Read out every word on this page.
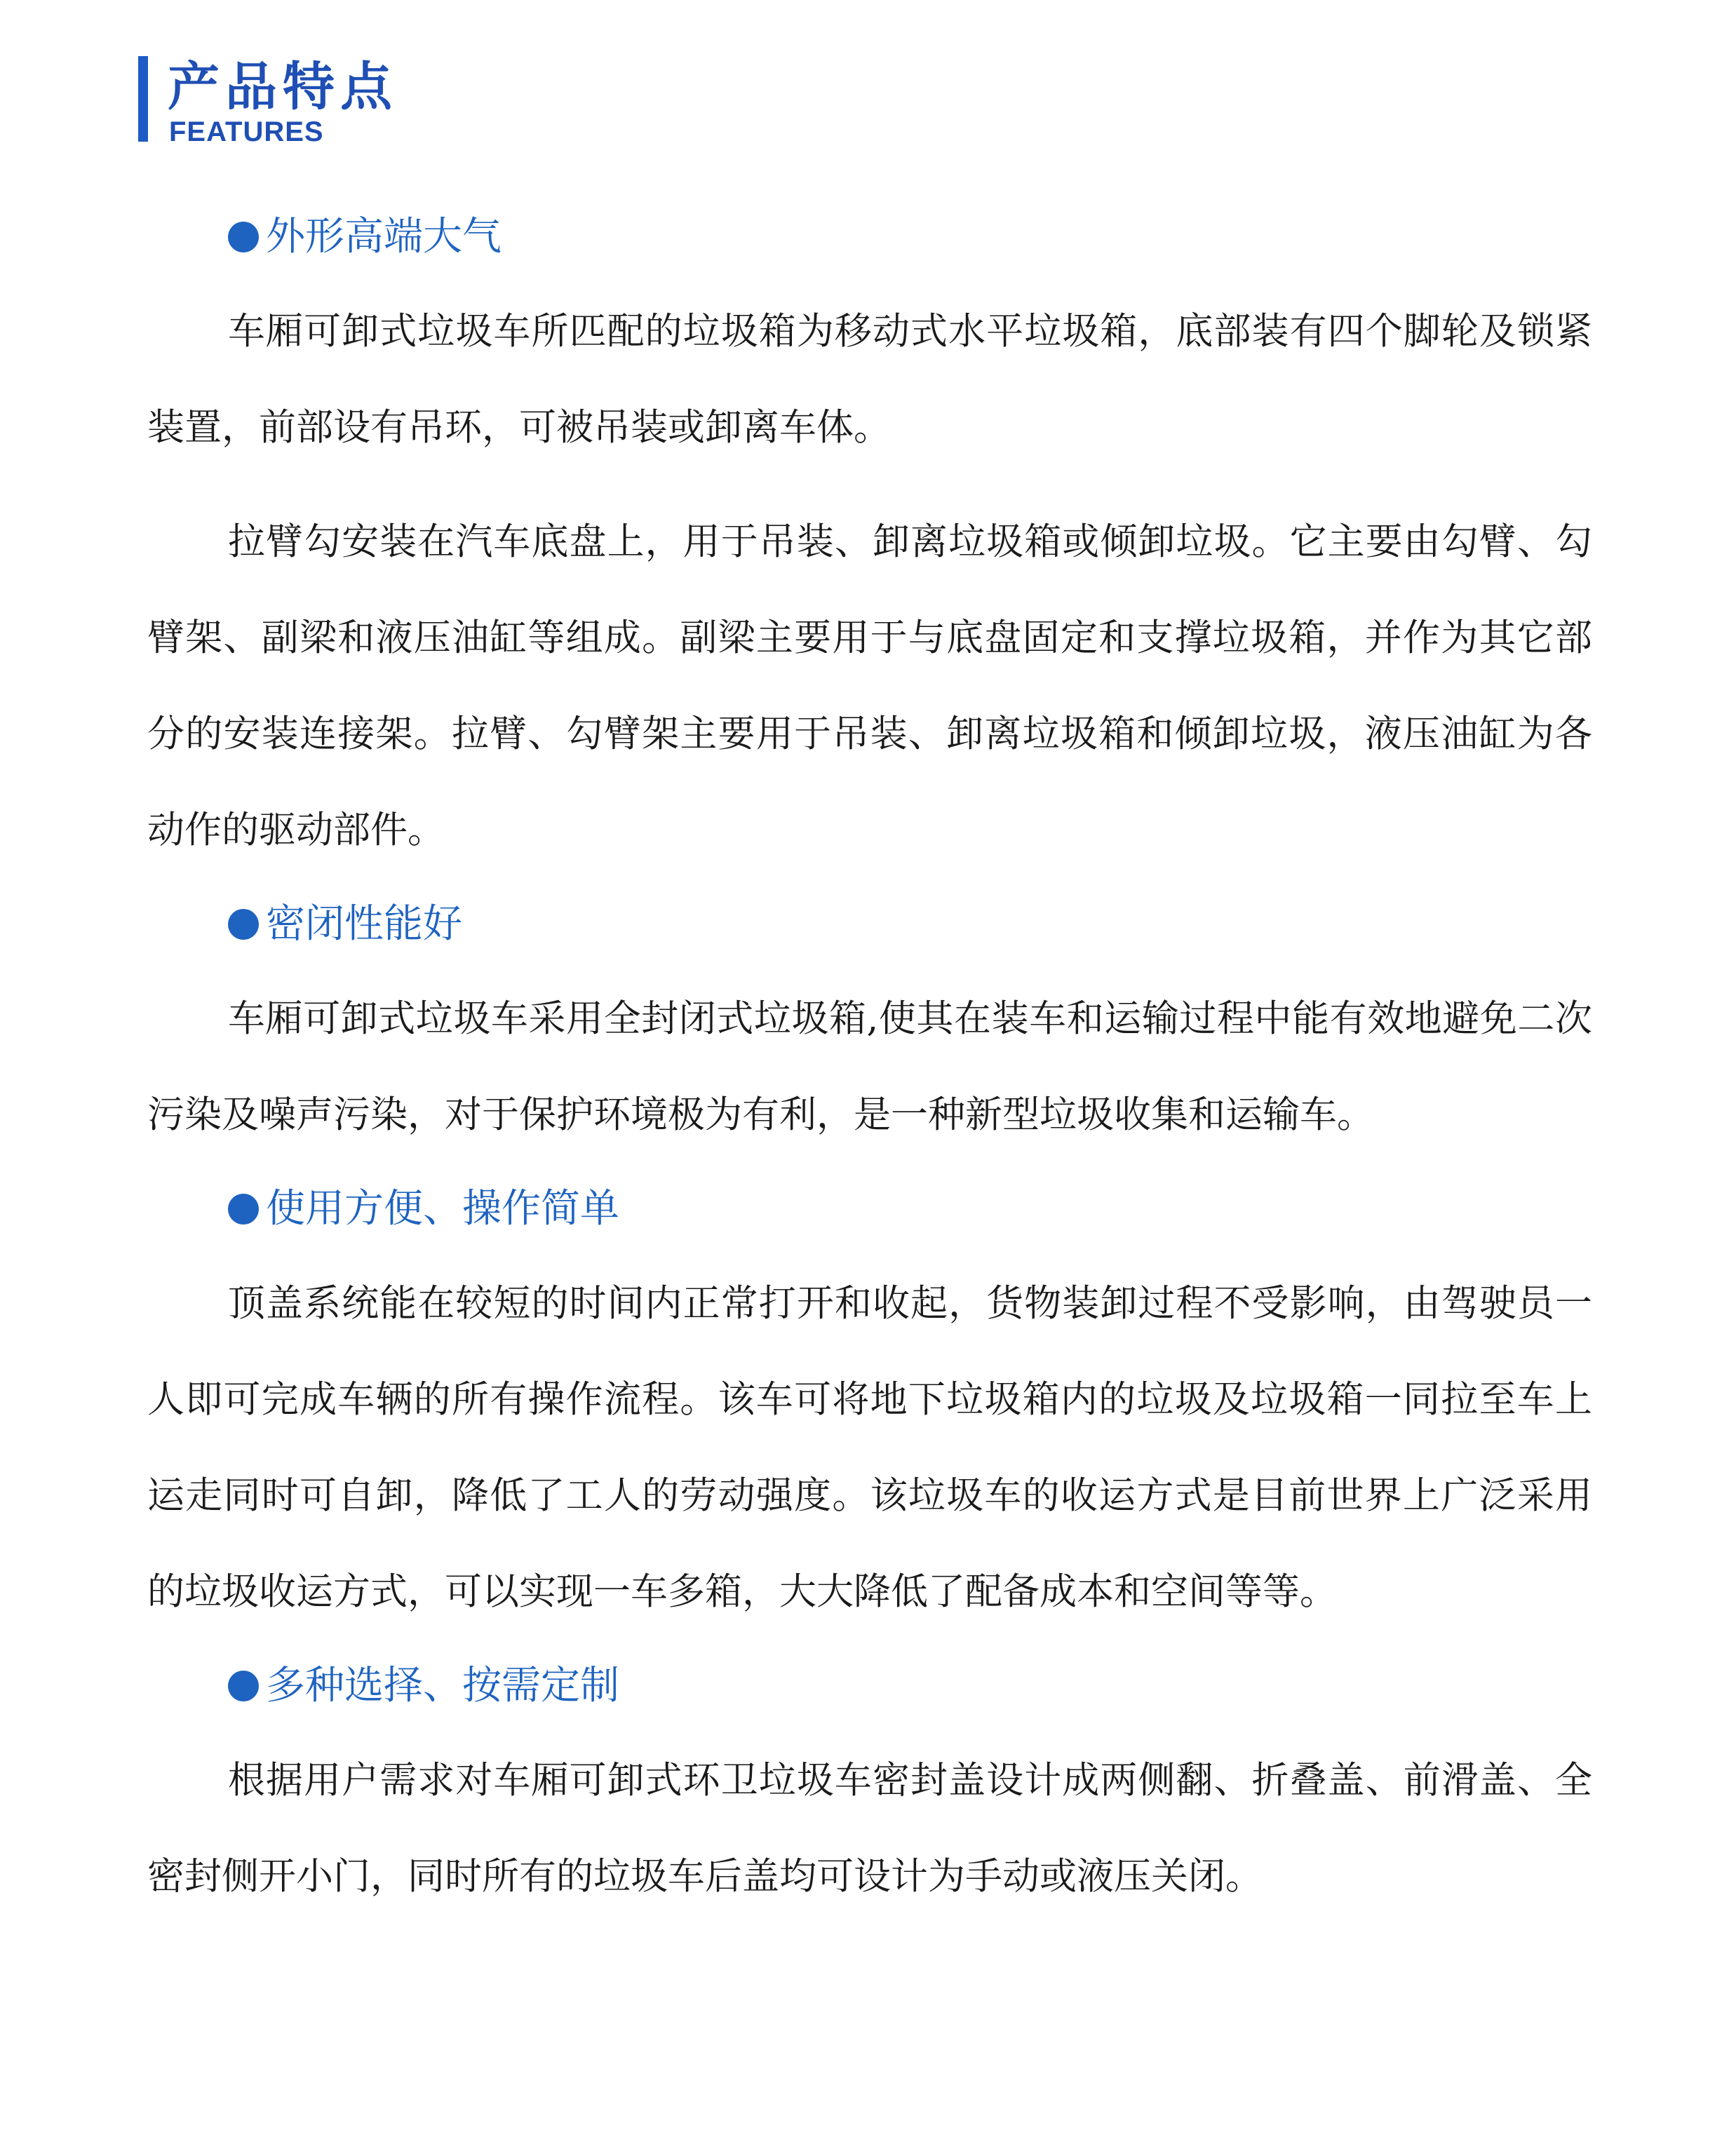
产品特点
FEATURES
外形高端大气

车厢可卸式垃圾车所匹配的垃圾箱为移动式水平垃圾箱，底部装有四个脚轮及锁紧装置，前部设有吊环，可被吊装或卸离车体。

拉臂勾安装在汽车底盘上，用于吊装、卸离垃圾箱或倾卸垃圾。它主要由勾臂、勾臂架、副梁和液压油缸等组成。副梁主要用于与底盘固定和支撑垃圾箱，并作为其它部分的安装连接架。拉臂、勾臂架主要用于吊装、卸离垃圾箱和倾卸垃圾，液压油缸为各动作的驱动部件。

密闭性能好

车厢可卸式垃圾车采用全封闭式垃圾箱,使其在装车和运输过程中能有效地避免二次污染及噪声污染，对于保护环境极为有利，是一种新型垃圾收集和运输车。

使用方便、操作简单

顶盖系统能在较短的时间内正常打开和收起，货物装卸过程不受影响，由驾驶员一人即可完成车辆的所有操作流程。该车可将地下垃圾箱内的垃圾及垃圾箱一同拉至车上运走同时可自卸，降低了工人的劳动强度。该垃圾车的收运方式是目前世界上广泛采用的垃圾收运方式，可以实现一车多箱，大大降低了配备成本和空间等等。

多种选择、按需定制

根据用户需求对车厢可卸式环卫垃圾车密封盖设计成两侧翻、折叠盖、前滑盖、全密封侧开小门，同时所有的垃圾车后盖均可设计为手动或液压关闭。
